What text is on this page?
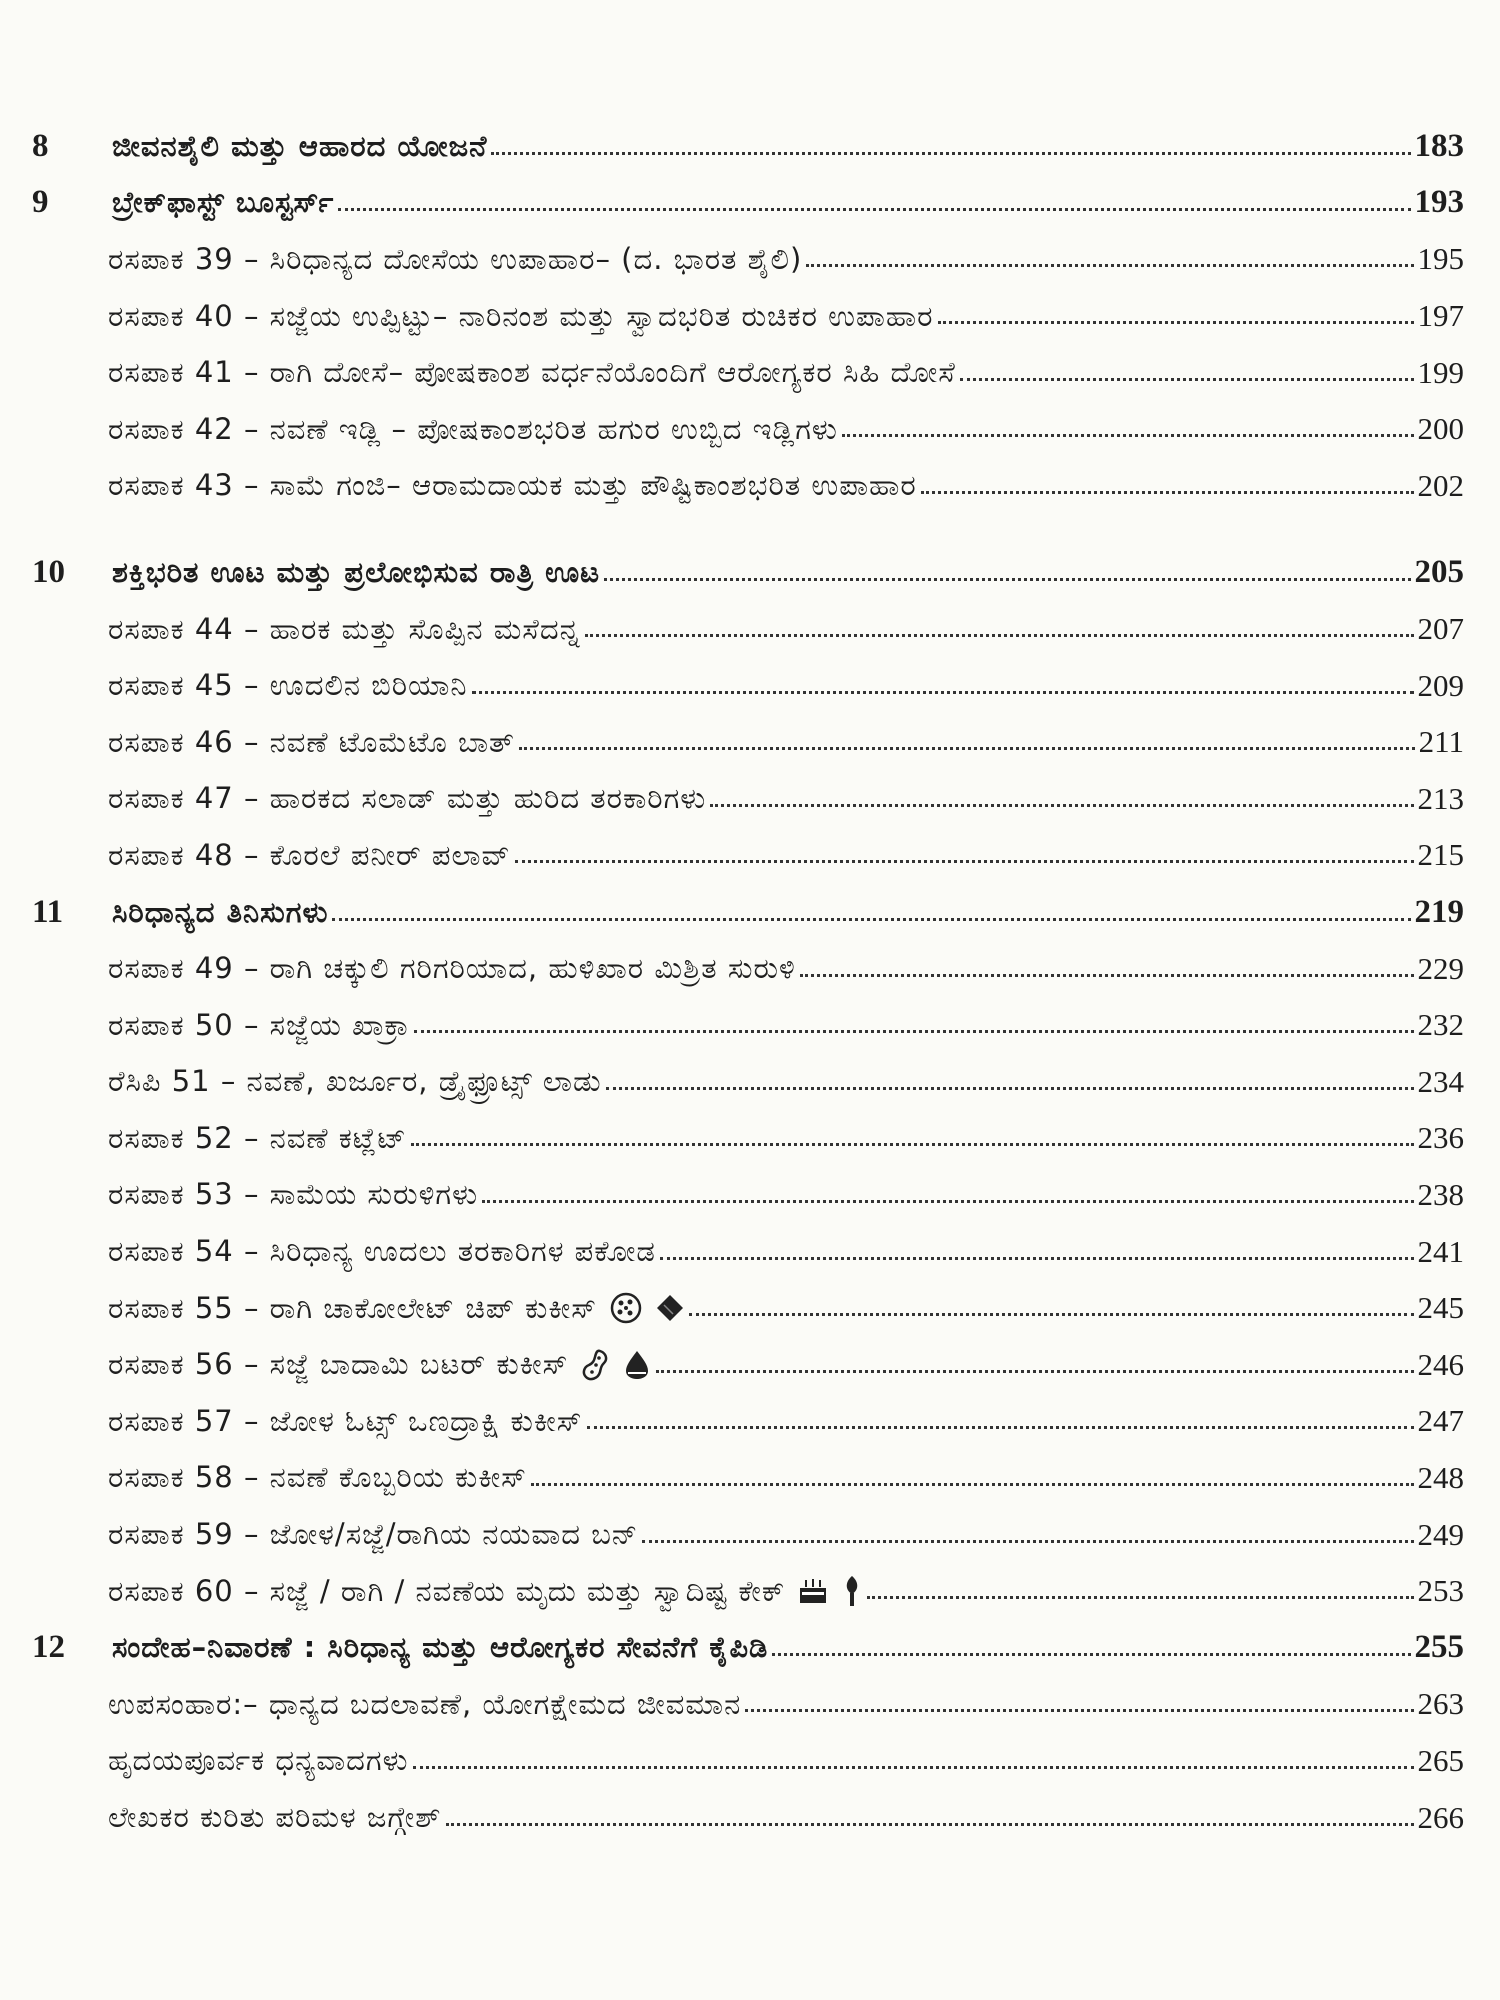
8	ಜೀವನಶೈಲಿ ಮತ್ತು ಆಹಾರದ ಯೋಜನೆ	183
9	ಬ್ರೇಕ್‌ಫಾಸ್ಟ್ ಬೂಸ್ಟರ್ಸ್	193
ರಸಪಾಕ 39 – ಸಿರಿಧಾನ್ಯದ ದೋಸೆಯ ಉಪಾಹಾರ– (ದ. ಭಾರತ ಶೈಲಿ)	195
ರಸಪಾಕ 40 – ಸಜ್ಜೆಯ ಉಪ್ಪಿಟ್ಟು– ನಾರಿನಂಶ ಮತ್ತು ಸ್ವಾದಭರಿತ ರುಚಿಕರ ಉಪಾಹಾರ	197
ರಸಪಾಕ 41 – ರಾಗಿ ದೋಸೆ– ಪೋಷಕಾಂಶ ವರ್ಧನೆಯೊಂದಿಗೆ ಆರೋಗ್ಯಕರ ಸಿಹಿ ದೋಸೆ	199
ರಸಪಾಕ 42 – ನವಣೆ ಇಡ್ಲಿ – ಪೋಷಕಾಂಶಭರಿತ ಹಗುರ ಉಬ್ಬಿದ ಇಡ್ಲಿಗಳು	200
ರಸಪಾಕ 43 – ಸಾಮೆ ಗಂಜಿ– ಆರಾಮದಾಯಕ ಮತ್ತು ಪೌಷ್ಟಿಕಾಂಶಭರಿತ ಉಪಾಹಾರ	202
10	ಶಕ್ತಿಭರಿತ ಊಟ ಮತ್ತು ಪ್ರಲೋಭಿಸುವ ರಾತ್ರಿ ಊಟ	205
ರಸಪಾಕ 44 – ಹಾರಕ ಮತ್ತು ಸೊಪ್ಪಿನ ಮಸೆದನ್ನ	207
ರಸಪಾಕ 45 – ಊದಲಿನ ಬಿರಿಯಾನಿ	209
ರಸಪಾಕ 46 – ನವಣೆ ಟೊಮೆಟೊ ಬಾತ್	211
ರಸಪಾಕ 47 – ಹಾರಕದ ಸಲಾಡ್ ಮತ್ತು ಹುರಿದ ತರಕಾರಿಗಳು	213
ರಸಪಾಕ 48 – ಕೊರಲೆ ಪನೀರ್ ಪಲಾವ್	215
11	ಸಿರಿಧಾನ್ಯದ ತಿನಿಸುಗಳು	219
ರಸಪಾಕ 49 – ರಾಗಿ ಚಕ್ಕುಲಿ ಗರಿಗರಿಯಾದ, ಹುಳಿಖಾರ ಮಿಶ್ರಿತ ಸುರುಳಿ	229
ರಸಪಾಕ 50 – ಸಜ್ಜೆಯ ಖಾಕ್ರಾ	232
ರೆಸಿಪಿ 51 – ನವಣೆ, ಖರ್ಜೂರ, ಡ್ರೈಫ್ರೂಟ್ಸ್ ಲಾಡು	234
ರಸಪಾಕ 52 – ನವಣೆ ಕಟ್ಲೆಟ್	236
ರಸಪಾಕ 53 – ಸಾಮೆಯ ಸುರುಳಿಗಳು	238
ರಸಪಾಕ 54 – ಸಿರಿಧಾನ್ಯ ಊದಲು ತರಕಾರಿಗಳ ಪಕೋಡ	241
ರಸಪಾಕ 55 – ರಾಗಿ ಚಾಕೋಲೇಟ್ ಚಿಪ್ ಕುಕೀಸ್	245
ರಸಪಾಕ 56 – ಸಜ್ಜೆ ಬಾದಾಮಿ ಬಟರ್ ಕುಕೀಸ್	246
ರಸಪಾಕ 57 – ಜೋಳ ಓಟ್ಸ್ ಒಣದ್ರಾಕ್ಷಿ ಕುಕೀಸ್	247
ರಸಪಾಕ 58 – ನವಣೆ ಕೊಬ್ಬರಿಯ ಕುಕೀಸ್	248
ರಸಪಾಕ 59 – ಜೋಳ/ಸಜ್ಜೆ/ರಾಗಿಯ ನಯವಾದ ಬನ್	249
ರಸಪಾಕ 60 – ಸಜ್ಜೆ / ರಾಗಿ / ನವಣೆಯ ಮೃದು ಮತ್ತು ಸ್ವಾದಿಷ್ಟ ಕೇಕ್	253
12	ಸಂದೇಹ–ನಿವಾರಣೆ : ಸಿರಿಧಾನ್ಯ ಮತ್ತು ಆರೋಗ್ಯಕರ ಸೇವನೆಗೆ ಕೈಪಿಡಿ	255
ಉಪಸಂಹಾರ:– ಧಾನ್ಯದ ಬದಲಾವಣೆ, ಯೋಗಕ್ಷೇಮದ ಜೀವಮಾನ	263
ಹೃದಯಪೂರ್ವಕ ಧನ್ಯವಾದಗಳು	265
ಲೇಖಕರ ಕುರಿತು ಪರಿಮಳ ಜಗ್ಗೇಶ್	266
